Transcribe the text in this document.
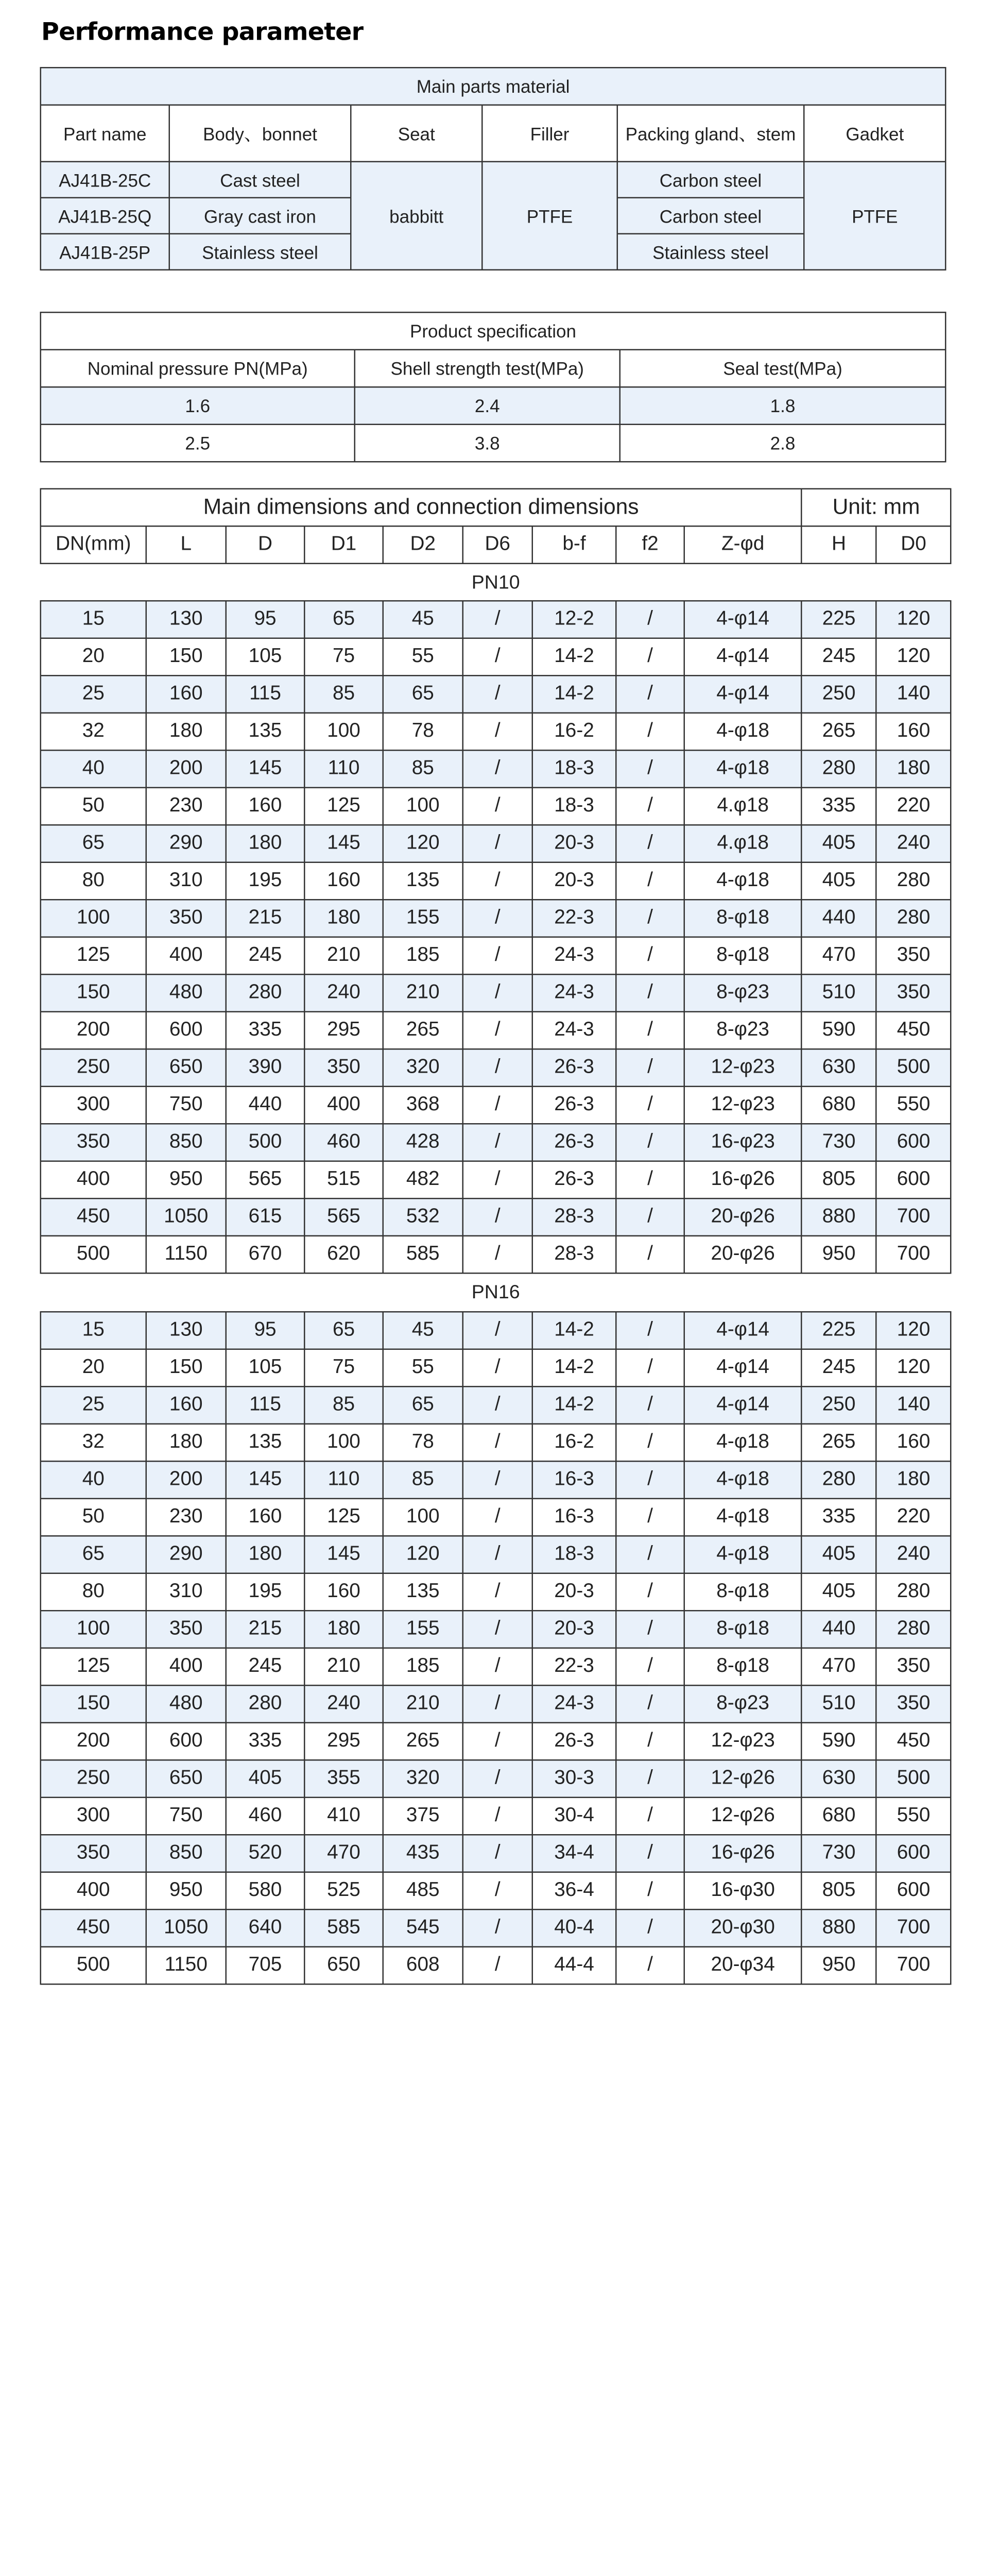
Performance parameter
Main parts material					
Part name	Body、bonnet	Seat	Filler	Packing gland、stem	Gadket
AJ41B-25C	Cast steel	babbitt	PTFE	Carbon steel	PTFE
AJ41B-25Q	Gray cast iron			Carbon steel	
AJ41B-25P	Stainless steel			Stainless steel	
Product specification		
Nominal pressure PN(MPa)	Shell strength test(MPa)	Seal test(MPa)
1.6	2.4	1.8
2.5	3.8	2.8
Main dimensions and connection dimensions									Unit: mm	
DN(mm)	L	D	D1	D2	D6	b-f	f2	Z-φd	H	D0
PN10										
15	130	95	65	45	/	12-2	/	4-φ14	225	120
20	150	105	75	55	/	14-2	/	4-φ14	245	120
25	160	115	85	65	/	14-2	/	4-φ14	250	140
32	180	135	100	78	/	16-2	/	4-φ18	265	160
40	200	145	110	85	/	18-3	/	4-φ18	280	180
50	230	160	125	100	/	18-3	/	4.φ18	335	220
65	290	180	145	120	/	20-3	/	4.φ18	405	240
80	310	195	160	135	/	20-3	/	4-φ18	405	280
100	350	215	180	155	/	22-3	/	8-φ18	440	280
125	400	245	210	185	/	24-3	/	8-φ18	470	350
150	480	280	240	210	/	24-3	/	8-φ23	510	350
200	600	335	295	265	/	24-3	/	8-φ23	590	450
250	650	390	350	320	/	26-3	/	12-φ23	630	500
300	750	440	400	368	/	26-3	/	12-φ23	680	550
350	850	500	460	428	/	26-3	/	16-φ23	730	600
400	950	565	515	482	/	26-3	/	16-φ26	805	600
450	1050	615	565	532	/	28-3	/	20-φ26	880	700
500	1150	670	620	585	/	28-3	/	20-φ26	950	700
PN16										
15	130	95	65	45	/	14-2	/	4-φ14	225	120
20	150	105	75	55	/	14-2	/	4-φ14	245	120
25	160	115	85	65	/	14-2	/	4-φ14	250	140
32	180	135	100	78	/	16-2	/	4-φ18	265	160
40	200	145	110	85	/	16-3	/	4-φ18	280	180
50	230	160	125	100	/	16-3	/	4-φ18	335	220
65	290	180	145	120	/	18-3	/	4-φ18	405	240
80	310	195	160	135	/	20-3	/	8-φ18	405	280
100	350	215	180	155	/	20-3	/	8-φ18	440	280
125	400	245	210	185	/	22-3	/	8-φ18	470	350
150	480	280	240	210	/	24-3	/	8-φ23	510	350
200	600	335	295	265	/	26-3	/	12-φ23	590	450
250	650	405	355	320	/	30-3	/	12-φ26	630	500
300	750	460	410	375	/	30-4	/	12-φ26	680	550
350	850	520	470	435	/	34-4	/	16-φ26	730	600
400	950	580	525	485	/	36-4	/	16-φ30	805	600
450	1050	640	585	545	/	40-4	/	20-φ30	880	700
500	1150	705	650	608	/	44-4	/	20-φ34	950	700
